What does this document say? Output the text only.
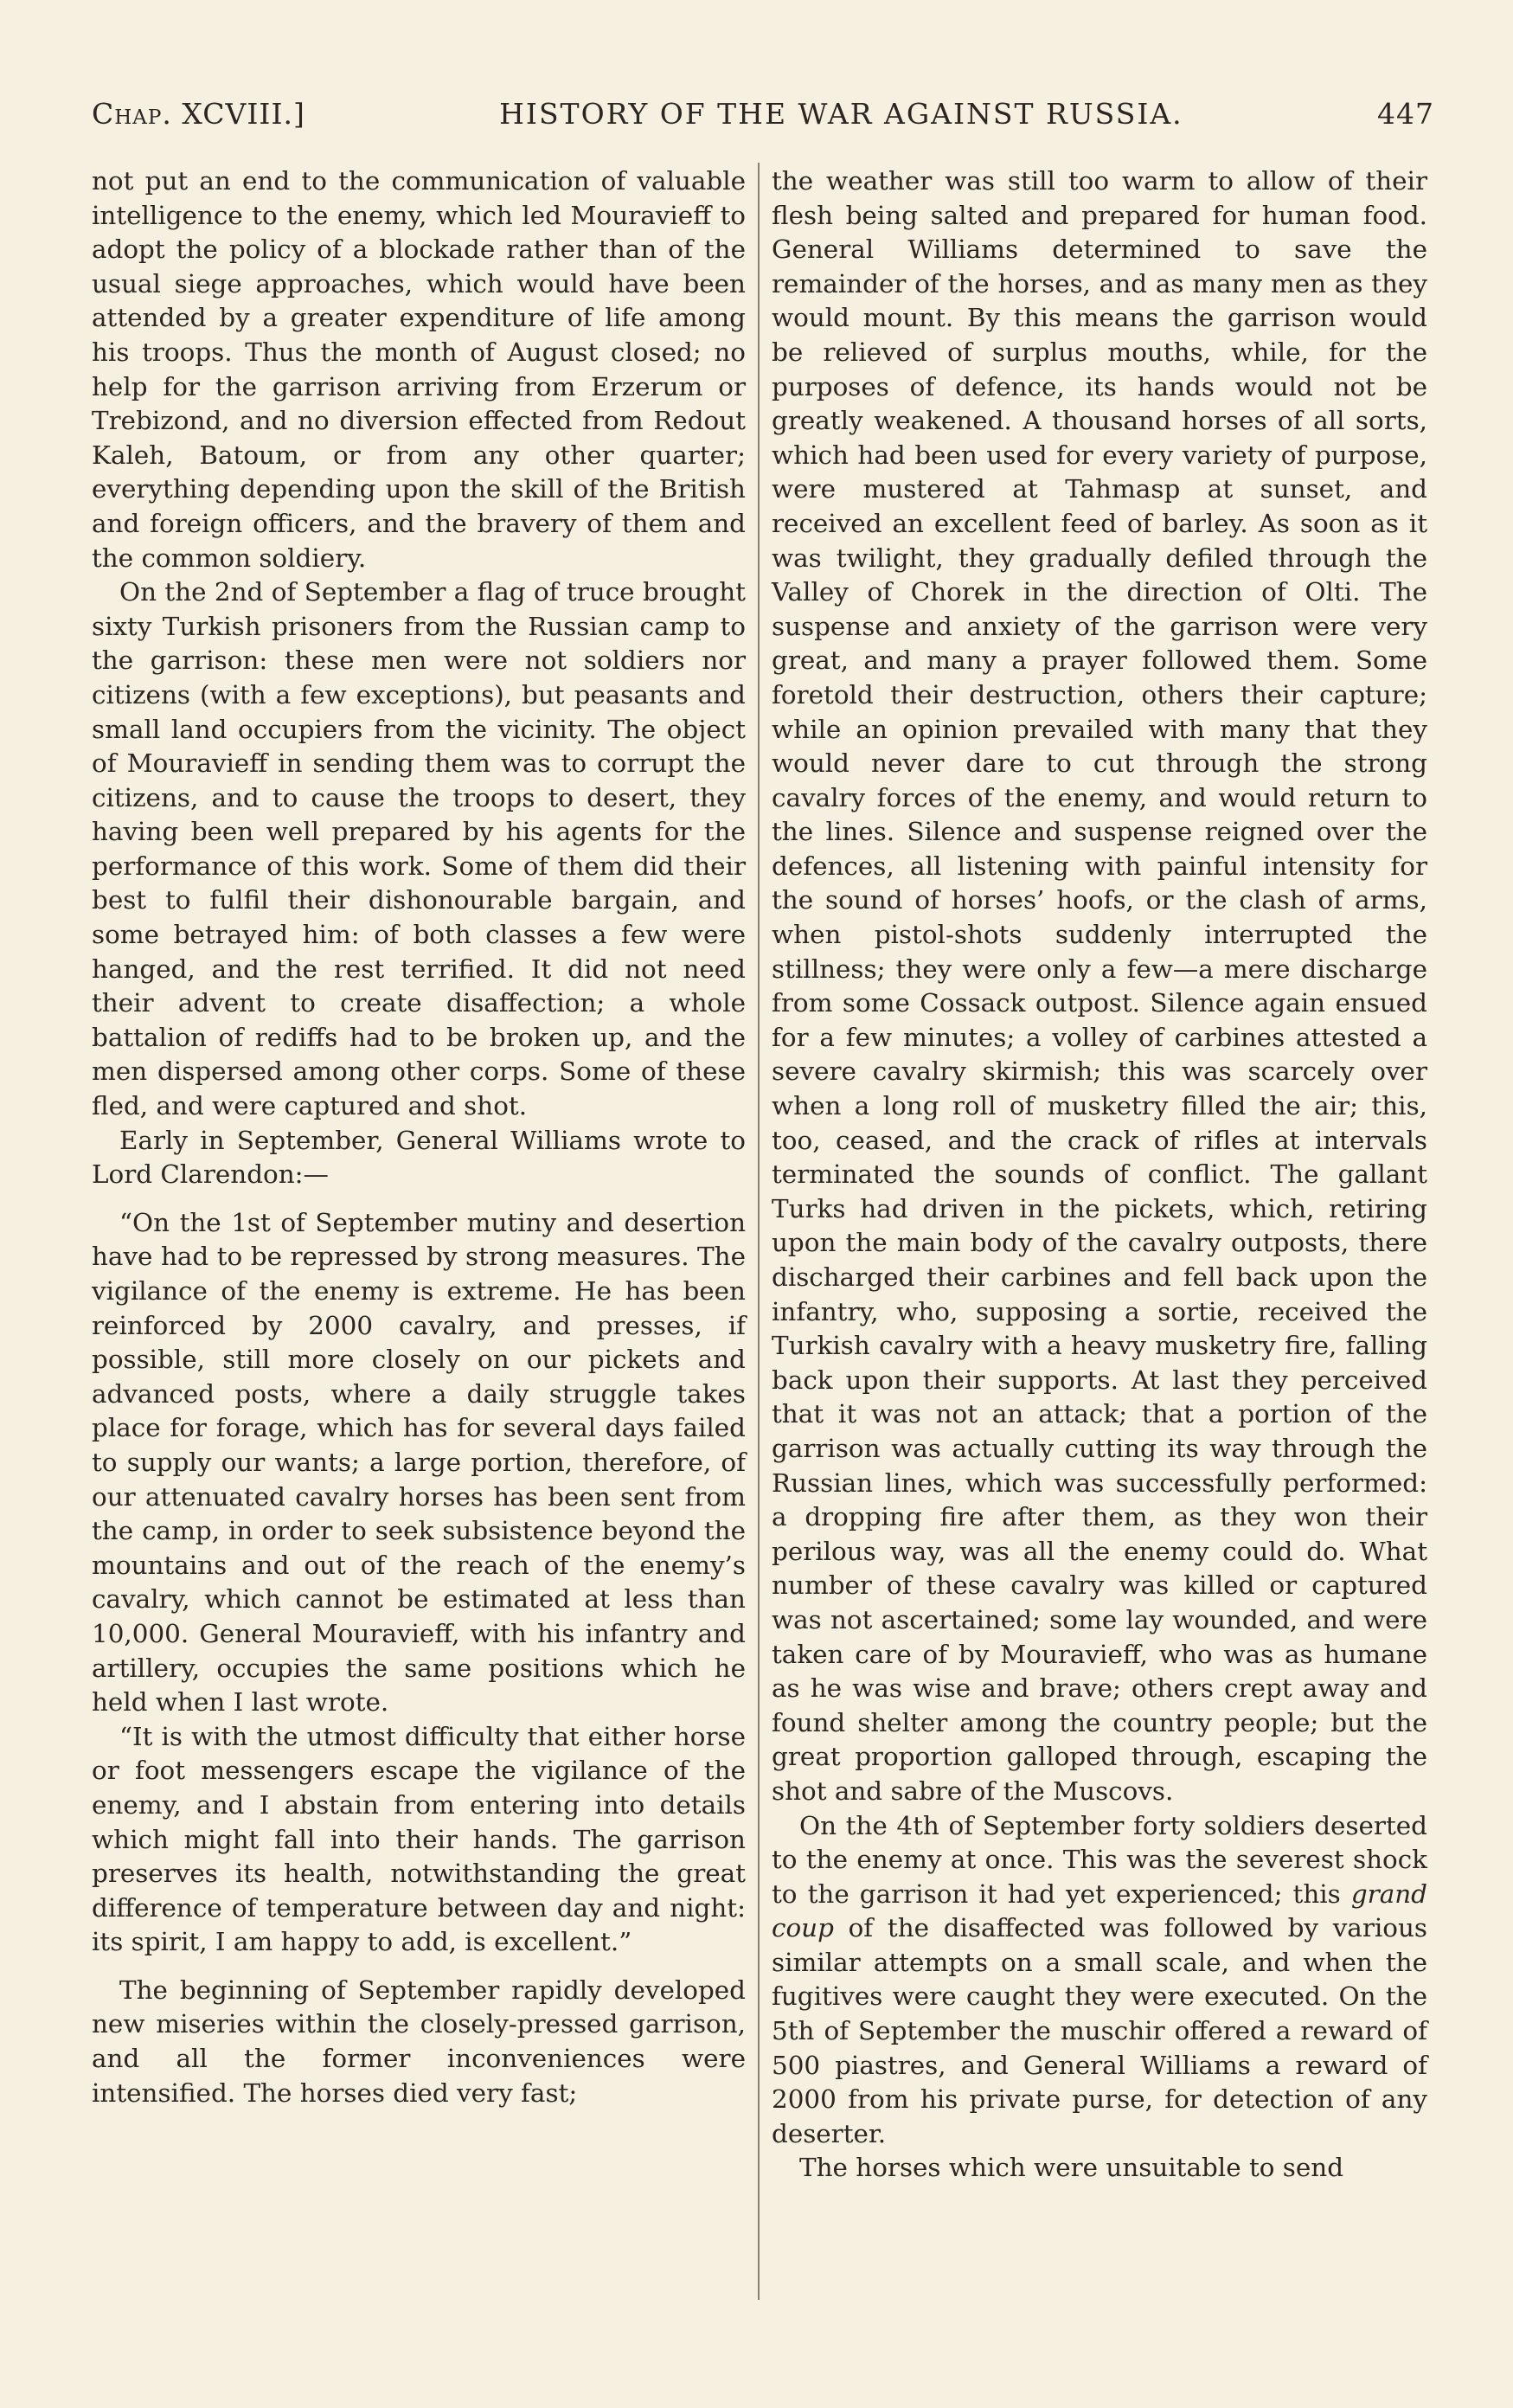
Chap. XCVIII.]	HISTORY OF THE WAR AGAINST RUSSIA.	447

not put an end to the communication of valuable intelligence to the enemy, which led Mouravieff to adopt the policy of a blockade rather than of the usual siege approaches, which would have been attended by a greater expenditure of life among his troops. Thus the month of August closed; no help for the garrison arriving from Erzerum or Trebizond, and no diversion effected from Redout Kaleh, Batoum, or from any other quarter; everything depending upon the skill of the British and foreign officers, and the bravery of them and the common soldiery.

On the 2nd of September a flag of truce brought sixty Turkish prisoners from the Russian camp to the garrison: these men were not soldiers nor citizens (with a few exceptions), but peasants and small land occupiers from the vicinity. The object of Mouravieff in sending them was to corrupt the citizens, and to cause the troops to desert, they having been well prepared by his agents for the performance of this work. Some of them did their best to fulfil their dishonourable bargain, and some betrayed him: of both classes a few were hanged, and the rest terrified. It did not need their advent to create disaffection; a whole battalion of rediffs had to be broken up, and the men dispersed among other corps. Some of these fled, and were captured and shot.

Early in September, General Williams wrote to Lord Clarendon:—

“On the 1st of September mutiny and desertion have had to be repressed by strong measures. The vigilance of the enemy is extreme. He has been reinforced by 2000 cavalry, and presses, if possible, still more closely on our pickets and advanced posts, where a daily struggle takes place for forage, which has for several days failed to supply our wants; a large portion, therefore, of our attenuated cavalry horses has been sent from the camp, in order to seek subsistence beyond the mountains and out of the reach of the enemy’s cavalry, which cannot be estimated at less than 10,000. General Mouravieff, with his infantry and artillery, occupies the same positions which he held when I last wrote.

“It is with the utmost difficulty that either horse or foot messengers escape the vigilance of the enemy, and I abstain from entering into details which might fall into their hands. The garrison preserves its health, notwithstanding the great difference of temperature between day and night: its spirit, I am happy to add, is excellent.”

The beginning of September rapidly developed new miseries within the closely-pressed garrison, and all the former inconveniences were intensified. The horses died very fast;

the weather was still too warm to allow of their flesh being salted and prepared for human food. General Williams determined to save the remainder of the horses, and as many men as they would mount. By this means the garrison would be relieved of surplus mouths, while, for the purposes of defence, its hands would not be greatly weakened. A thousand horses of all sorts, which had been used for every variety of purpose, were mustered at Tahmasp at sunset, and received an excellent feed of barley. As soon as it was twilight, they gradually defiled through the Valley of Chorek in the direction of Olti. The suspense and anxiety of the garrison were very great, and many a prayer followed them. Some foretold their destruction, others their capture; while an opinion prevailed with many that they would never dare to cut through the strong cavalry forces of the enemy, and would return to the lines. Silence and suspense reigned over the defences, all listening with painful intensity for the sound of horses’ hoofs, or the clash of arms, when pistol-shots suddenly interrupted the stillness; they were only a few—a mere discharge from some Cossack outpost. Silence again ensued for a few minutes; a volley of carbines attested a severe cavalry skirmish; this was scarcely over when a long roll of musketry filled the air; this, too, ceased, and the crack of rifles at intervals terminated the sounds of conflict. The gallant Turks had driven in the pickets, which, retiring upon the main body of the cavalry outposts, there discharged their carbines and fell back upon the infantry, who, supposing a sortie, received the Turkish cavalry with a heavy musketry fire, falling back upon their supports. At last they perceived that it was not an attack; that a portion of the garrison was actually cutting its way through the Russian lines, which was successfully performed: a dropping fire after them, as they won their perilous way, was all the enemy could do. What number of these cavalry was killed or captured was not ascertained; some lay wounded, and were taken care of by Mouravieff, who was as humane as he was wise and brave; others crept away and found shelter among the country people; but the great proportion galloped through, escaping the shot and sabre of the Muscovs.

On the 4th of September forty soldiers deserted to the enemy at once. This was the severest shock to the garrison it had yet experienced; this grand coup of the disaffected was followed by various similar attempts on a small scale, and when the fugitives were caught they were executed. On the 5th of September the muschir offered a reward of 500 piastres, and General Williams a reward of 2000 from his private purse, for detection of any deserter.

The horses which were unsuitable to send
